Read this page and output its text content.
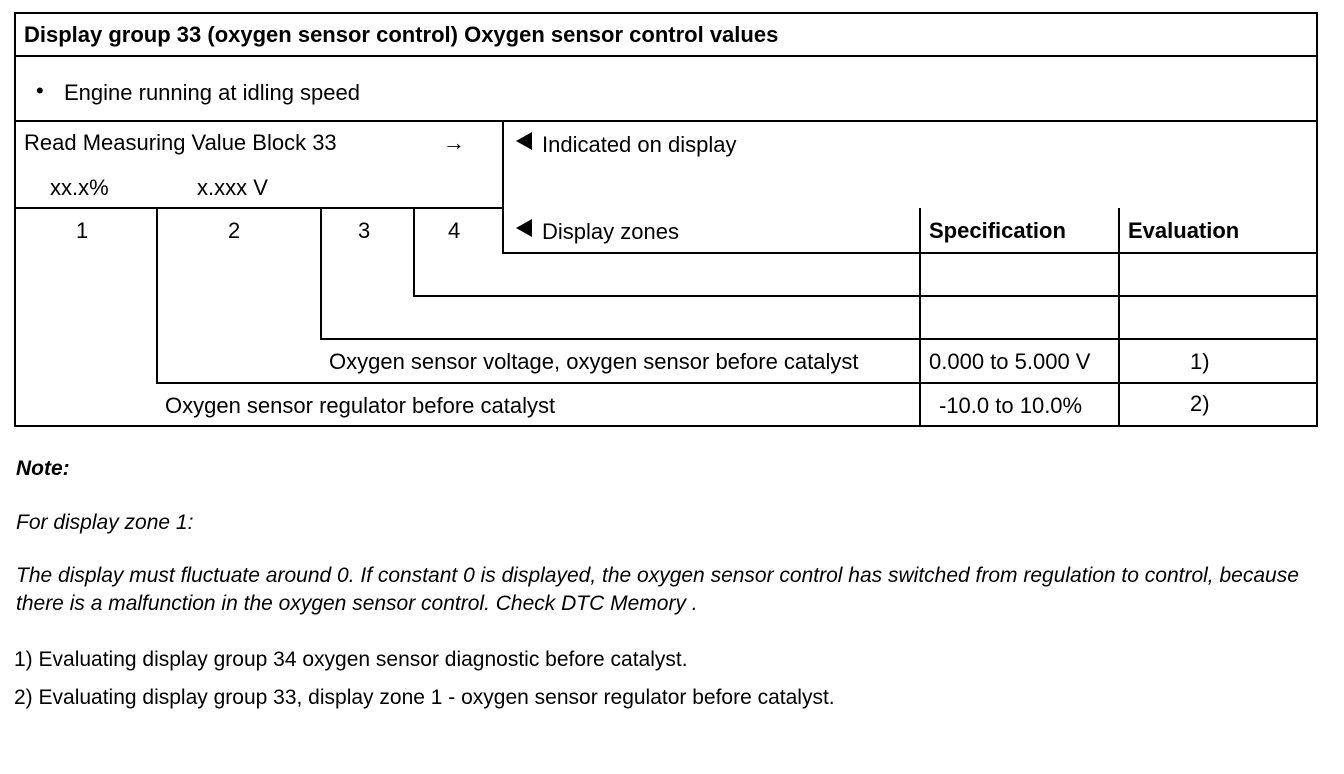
Display group 33 (oxygen sensor control) Oxygen sensor control values
• Engine running at idling speed
Read Measuring Value Block 33	→
xx.x%	x.xxx V
Indicated on display
1	2	3	4	Display zones	Specification	Evaluation
Oxygen sensor voltage, oxygen sensor before catalyst	0.000 to 5.000 V	1)
Oxygen sensor regulator before catalyst	-10.0 to 10.0%	2)
Note:
For display zone 1:
The display must fluctuate around 0. If constant 0 is displayed, the oxygen sensor control has switched from regulation to control, because there is a malfunction in the oxygen sensor control. Check DTC Memory .
1) Evaluating display group 34 oxygen sensor diagnostic before catalyst.
2) Evaluating display group 33, display zone 1 - oxygen sensor regulator before catalyst.
